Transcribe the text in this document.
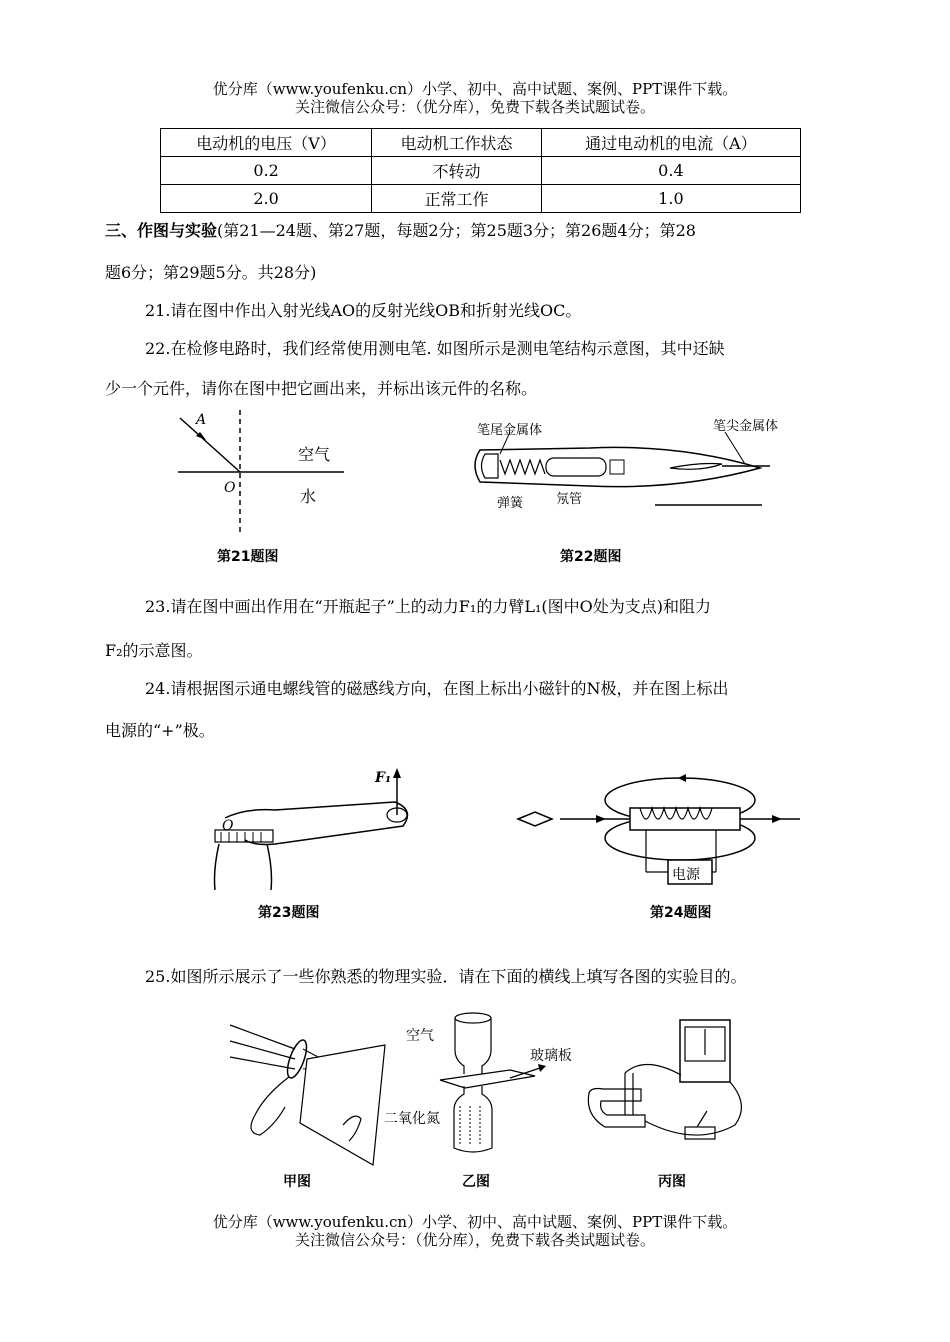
优分库（www.youfenku.cn）小学、初中、高中试题、案例、PPT课件下载。
关注微信公众号：（优分库），免费下载各类试题试卷。
电动机的电压（V）	电动机工作状态	通过电动机的电流（A）
0.2	不转动	0.4
2.0	正常工作	1.0
三、作图与实验(第21—24题、第27题，每题2分；第25题3分；第26题4分；第28
题6分；第29题5分。共28分)
21.请在图中作出入射光线AO的反射光线OB和折射光线OC。
22.在检修电路时，我们经常使用测电笔. 如图所示是测电笔结构示意图，其中还缺
少一个元件，请你在图中把它画出来，并标出该元件的名称。
A
O
空气
水
第21题图
笔尾金属体	笔尖金属体
弹簧	氖管
第22题图
23.请在图中画出作用在“开瓶起子”上的动力F₁的力臂L₁(图中O处为支点)和阻力
F₂的示意图。
24.请根据图示通电螺线管的磁感线方向，在图上标出小磁针的N极，并在图上标出
电源的“+”极。
F₁
O
第23题图
电源
第24题图
25.如图所示展示了一些你熟悉的物理实验．请在下面的横线上填写各图的实验目的。
甲图
空气
玻璃板
二氧化氮
乙图	丙图
优分库（www.youfenku.cn）小学、初中、高中试题、案例、PPT课件下载。
关注微信公众号：（优分库），免费下载各类试题试卷。
